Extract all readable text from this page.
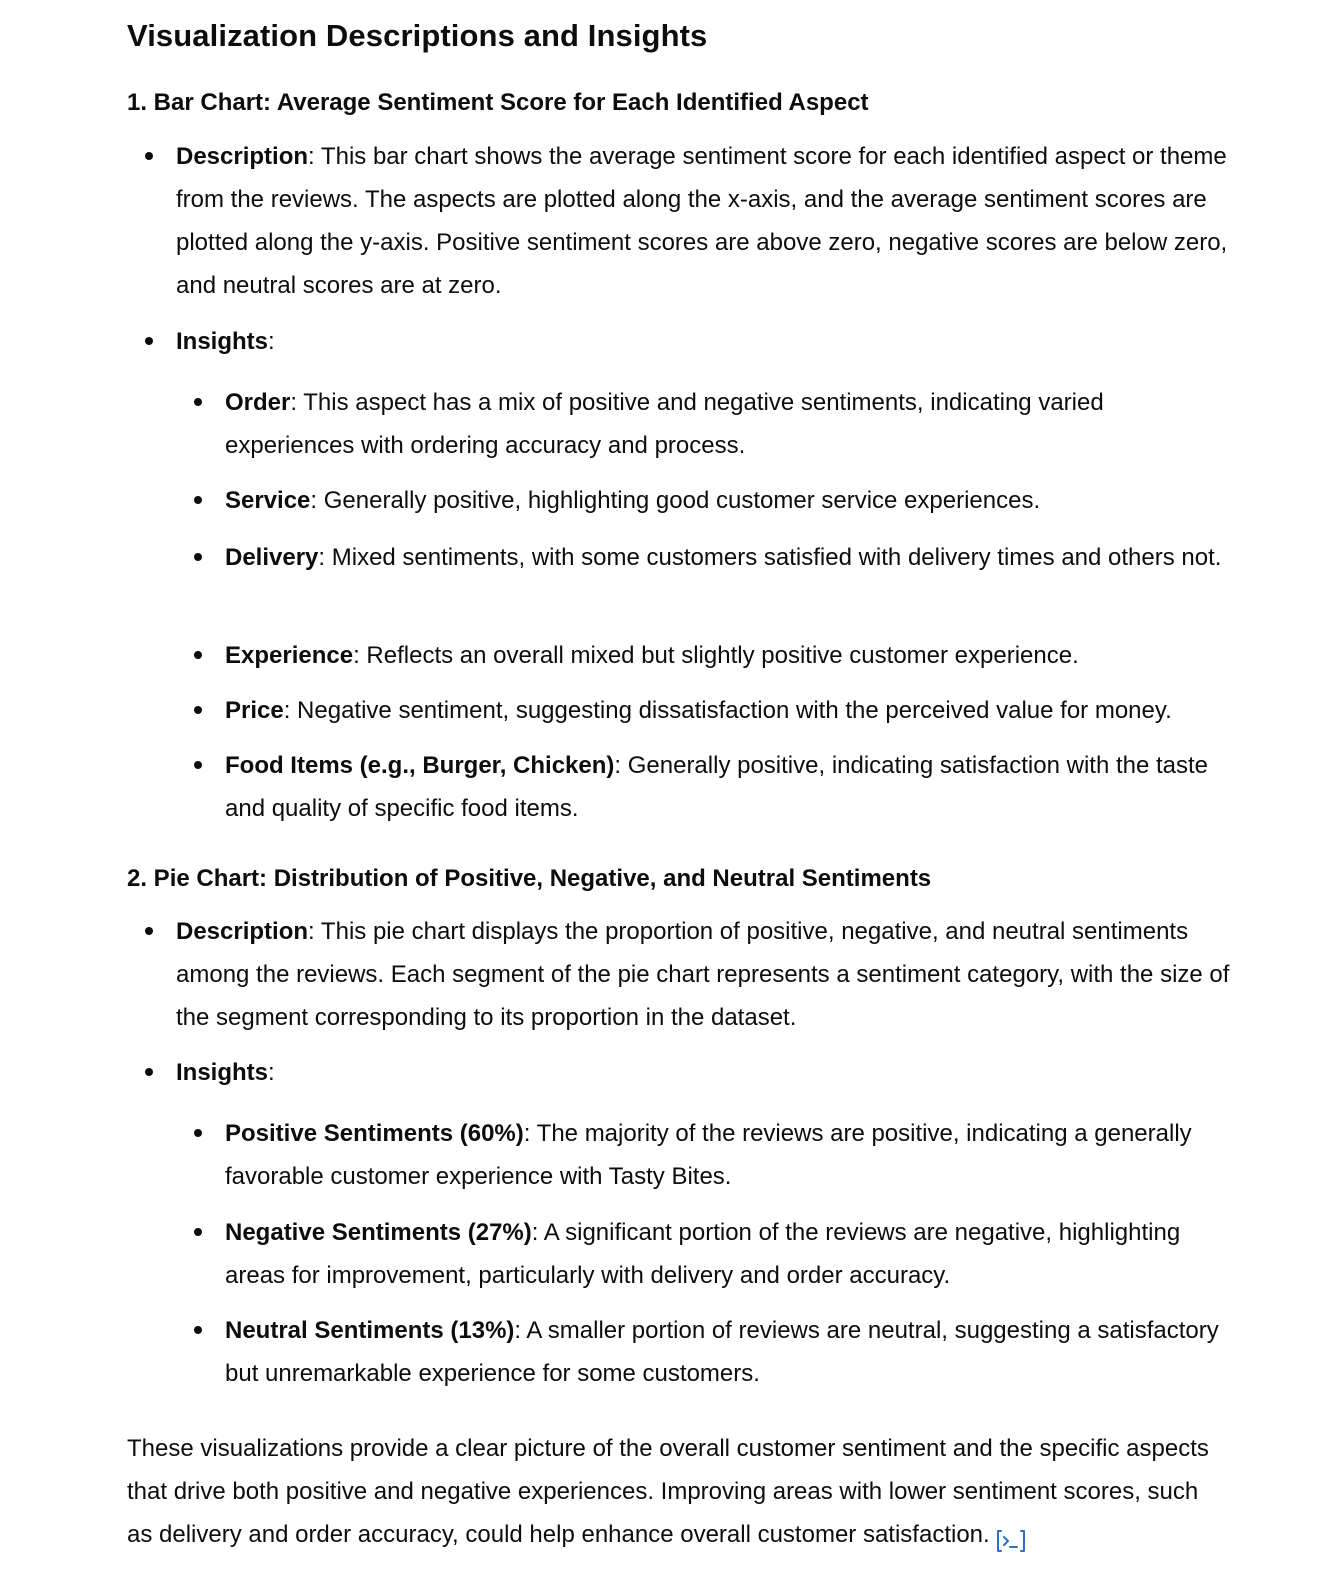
Visualization Descriptions and Insights
1. Bar Chart: Average Sentiment Score for Each Identified Aspect
Description: This bar chart shows the average sentiment score for each identified aspect or theme from the reviews. The aspects are plotted along the x-axis, and the average sentiment scores are plotted along the y-axis. Positive sentiment scores are above zero, negative scores are below zero, and neutral scores are at zero.
Insights:
Order: This aspect has a mix of positive and negative sentiments, indicating varied experiences with ordering accuracy and process.
Service: Generally positive, highlighting good customer service experiences.
Delivery: Mixed sentiments, with some customers satisfied with delivery times and others not.
Experience: Reflects an overall mixed but slightly positive customer experience.
Price: Negative sentiment, suggesting dissatisfaction with the perceived value for money.
Food Items (e.g., Burger, Chicken): Generally positive, indicating satisfaction with the taste and quality of specific food items.
2. Pie Chart: Distribution of Positive, Negative, and Neutral Sentiments
Description: This pie chart displays the proportion of positive, negative, and neutral sentiments among the reviews. Each segment of the pie chart represents a sentiment category, with the size of the segment corresponding to its proportion in the dataset.
Insights:
Positive Sentiments (60%): The majority of the reviews are positive, indicating a generally favorable customer experience with Tasty Bites.
Negative Sentiments (27%): A significant portion of the reviews are negative, highlighting areas for improvement, particularly with delivery and order accuracy.
Neutral Sentiments (13%): A smaller portion of reviews are neutral, suggesting a satisfactory but unremarkable experience for some customers.

These visualizations provide a clear picture of the overall customer sentiment and the specific aspects that drive both positive and negative experiences. Improving areas with lower sentiment scores, such as delivery and order accuracy, could help enhance overall customer satisfaction.
